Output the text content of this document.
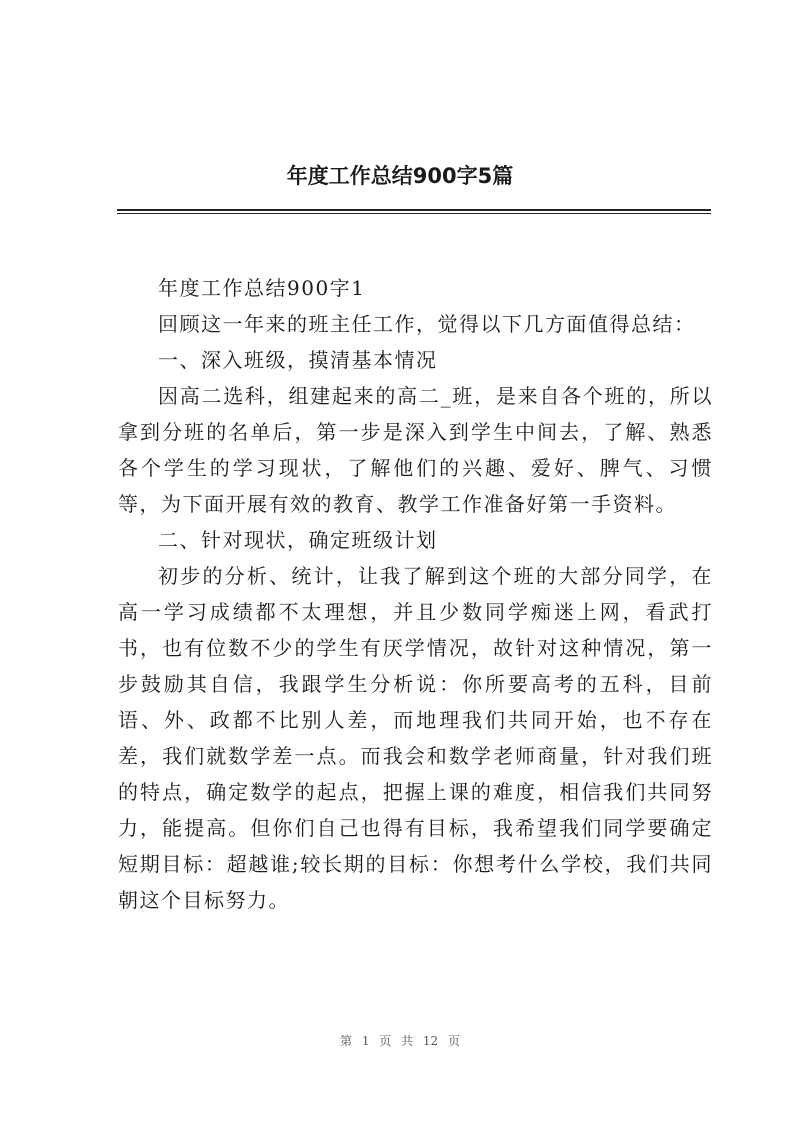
年度工作总结900字5篇

年度工作总结900字1

回顾这一年来的班主任工作，觉得以下几方面值得总结：

一、深入班级，摸清基本情况

因高二选科，组建起来的高二_班，是来自各个班的，所以拿到分班的名单后，第一步是深入到学生中间去，了解、熟悉各个学生的学习现状，了解他们的兴趣、爱好、脾气、习惯等，为下面开展有效的教育、教学工作准备好第一手资料。

二、针对现状，确定班级计划

初步的分析、统计，让我了解到这个班的大部分同学，在高一学习成绩都不太理想，并且少数同学痴迷上网，看武打书，也有位数不少的学生有厌学情况，故针对这种情况，第一步鼓励其自信，我跟学生分析说：你所要高考的五科，目前语、外、政都不比别人差，而地理我们共同开始，也不存在差，我们就数学差一点。而我会和数学老师商量，针对我们班的特点，确定数学的起点，把握上课的难度，相信我们共同努力，能提高。但你们自己也得有目标，我希望我们同学要确定短期目标：超越谁;较长期的目标：你想考什么学校，我们共同朝这个目标努力。

第 1 页 共 12 页
